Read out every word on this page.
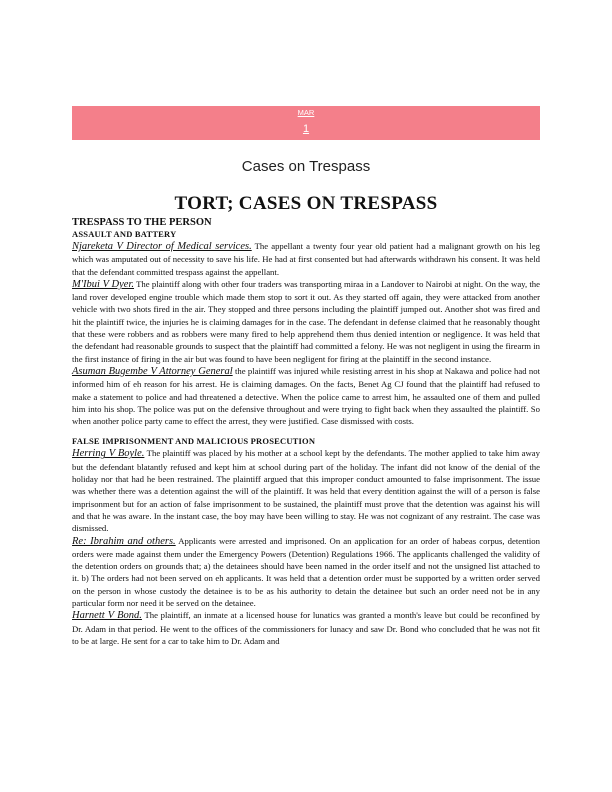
MAR
1
Cases on Trespass
TORT; CASES ON TRESPASS
TRESPASS TO THE PERSON
ASSAULT AND BATTERY

Njareketa V Director of Medical services. The appellant a twenty four year old patient had a malignant growth on his leg which was amputated out of necessity to save his life. He had at first consented but had afterwards withdrawn his consent. It was held that the defendant committed trespass against the appellant.

M'Ibui V Dyer. The plaintiff along with other four traders was transporting miraa in a Landover to Nairobi at night. On the way, the land rover developed engine trouble which made them stop to sort it out. As they started off again, they were attacked from another vehicle with two shots fired in the air. They stopped and three persons including the plaintiff jumped out. Another shot was fired and hit the plaintiff twice, the injuries he is claiming damages for in the case. The defendant in defense claimed that he reasonably thought that these were robbers and as robbers were many fired to help apprehend them thus denied intention or negligence. It was held that the defendant had reasonable grounds to suspect that the plaintiff had committed a felony. He was not negligent in using the firearm in the first instance of firing in the air but was found to have been negligent for firing at the plaintiff in the second instance.

Asuman Bugembe V Attorney General the plaintiff was injured while resisting arrest in his shop at Nakawa and police had not informed him of eh reason for his arrest. He is claiming damages. On the facts, Benet Ag CJ found that the plaintiff had refused to make a statement to police and had threatened a detective. When the police came to arrest him, he assaulted one of them and pulled him into his shop. The police was put on the defensive throughout and were trying to fight back when they assaulted the plaintiff. So when another police party came to effect the arrest, they were justified. Case dismissed with costs.

FALSE IMPRISONMENT AND MALICIOUS PROSECUTION

Herring V Boyle. The plaintiff was placed by his mother at a school kept by the defendants. The mother applied to take him away but the defendant blatantly refused and kept him at school during part of the holiday. The infant did not know of the denial of the holiday nor that had he been restrained. The plaintiff argued that this improper conduct amounted to false imprisonment. The issue was whether there was a detention against the will of the plaintiff. It was held that every dentition against the will of a person is false imprisonment but for an action of false imprisonment to be sustained, the plaintiff must prove that the detention was against his will and that he was aware. In the instant case, the boy may have been willing to stay. He was not cognizant of any restraint. The case was dismissed.

Re: Ibrahim and others. Applicants were arrested and imprisoned. On an application for an order of habeas corpus, detention orders were made against them under the Emergency Powers (Detention) Regulations 1966. The applicants challenged the validity of the detention orders on grounds that; a) the detainees should have been named in the order itself and not the unsigned list attached to it. b) The orders had not been served on eh applicants. It was held that a detention order must be supported by a written order served on the person in whose custody the detainee is to be as his authority to detain the detainee but such an order need not be in any particular form nor need it be served on the detainee.

Harnett V Bond. The plaintiff, an inmate at a licensed house for lunatics was granted a month's leave but could be reconfined by Dr. Adam in that period. He went to the offices of the commissioners for lunacy and saw Dr. Bond who concluded that he was not fit to be at large. He sent for a car to take him to Dr. Adam and
